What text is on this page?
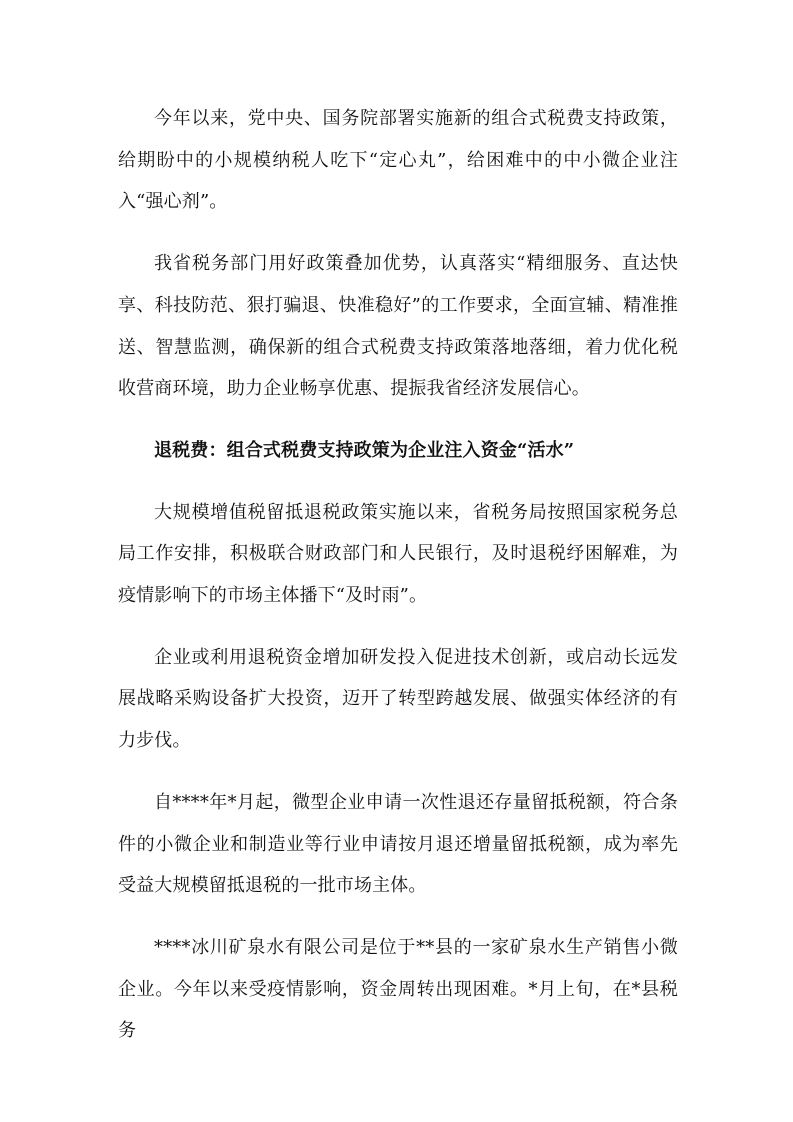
今年以来，党中央、国务院部署实施新的组合式税费支持政策，给期盼中的小规模纳税人吃下“定心丸”，给困难中的中小微企业注入“强心剂”。

我省税务部门用好政策叠加优势，认真落实“精细服务、直达快享、科技防范、狠打骗退、快准稳好”的工作要求，全面宣辅、精准推送、智慧监测，确保新的组合式税费支持政策落地落细，着力优化税收营商环境，助力企业畅享优惠、提振我省经济发展信心。

退税费：组合式税费支持政策为企业注入资金“活水”

大规模增值税留抵退税政策实施以来，省税务局按照国家税务总局工作安排，积极联合财政部门和人民银行，及时退税纾困解难，为疫情影响下的市场主体播下“及时雨”。

企业或利用退税资金增加研发投入促进技术创新，或启动长远发展战略采购设备扩大投资，迈开了转型跨越发展、做强实体经济的有力步伐。

自****年*月起，微型企业申请一次性退还存量留抵税额，符合条件的小微企业和制造业等行业申请按月退还增量留抵税额，成为率先受益大规模留抵退税的一批市场主体。

****冰川矿泉水有限公司是位于**县的一家矿泉水生产销售小微企业。今年以来受疫情影响，资金周转出现困难。*月上旬，在*县税务
